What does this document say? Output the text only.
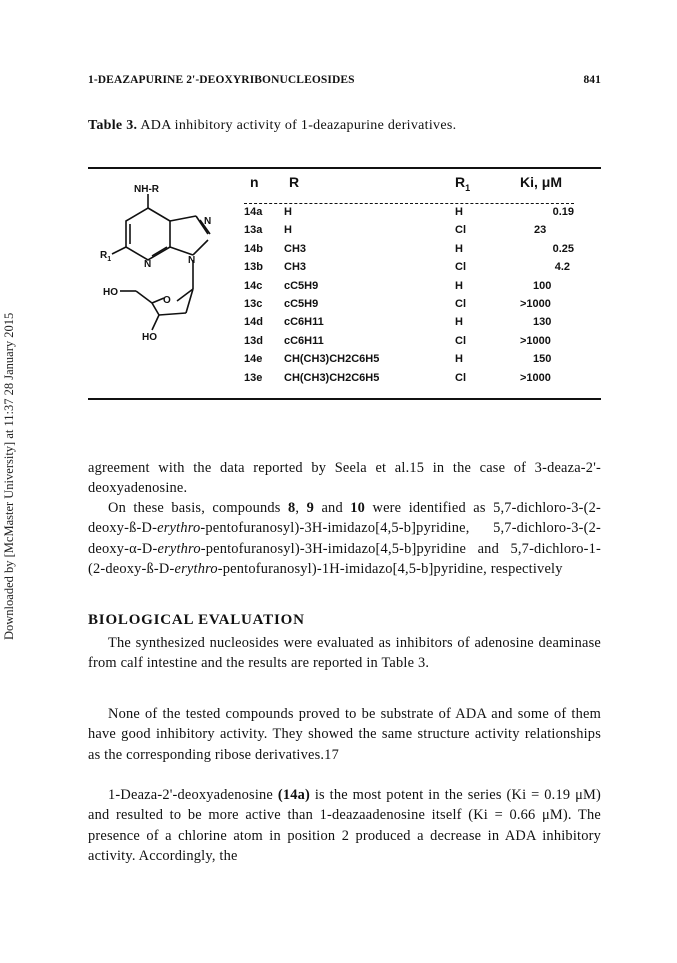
Downloaded by [McMaster University] at 11:37 28 January 2015
1-DEAZAPURINE 2'-DEOXYRIBONUCLEOSIDES	841
Table 3. ADA inhibitory activity of 1-deazapurine derivatives.
n R	$R_1$	Ki, μM
NH-R
N
N
N
$R_1$
HO
O
HO
14a H	H	0.19
13a H	Cl	23
14b CH3	H	0.25
13b CH3	Cl	4.2
14c cC5H9	H	100
13c cC5H9	Cl	>1000
14d cC6H11	H	130
13d cC6H11	Cl	>1000
14e CH(CH3)CH2C6H5	H	150
13e CH(CH3)CH2C6H5	Cl	>1000

agreement with the data reported by Seela et al.15 in the case of 3-deaza-2'-deoxyadenosine.

On these basis, compounds 8, 9 and 10 were identified as 5,7-dichloro-3-(2-deoxy-ß-D-erythro-pentofuranosyl)-3H-imidazo[4,5-b]pyridine, 5,7-dichloro-3-(2-deoxy-α-D-erythro-pentofuranosyl)-3H-imidazo[4,5-b]pyridine and 5,7-dichloro-1-(2-deoxy-ß-D-erythro-pentofuranosyl)-1H-imidazo[4,5-b]pyridine, respectively

BIOLOGICAL EVALUATION

The synthesized nucleosides were evaluated as inhibitors of adenosine deaminase from calf intestine and the results are reported in Table 3.

None of the tested compounds proved to be substrate of ADA and some of them have good inhibitory activity. They showed the same structure activity relationships as the corresponding ribose derivatives.17

1-Deaza-2'-deoxyadenosine (14a) is the most potent in the series (Ki = 0.19 μM) and resulted to be more active than 1-deazaadenosine itself (Ki = 0.66 μM). The presence of a chlorine atom in position 2 produced a decrease in ADA inhibitory activity. Accordingly, the
